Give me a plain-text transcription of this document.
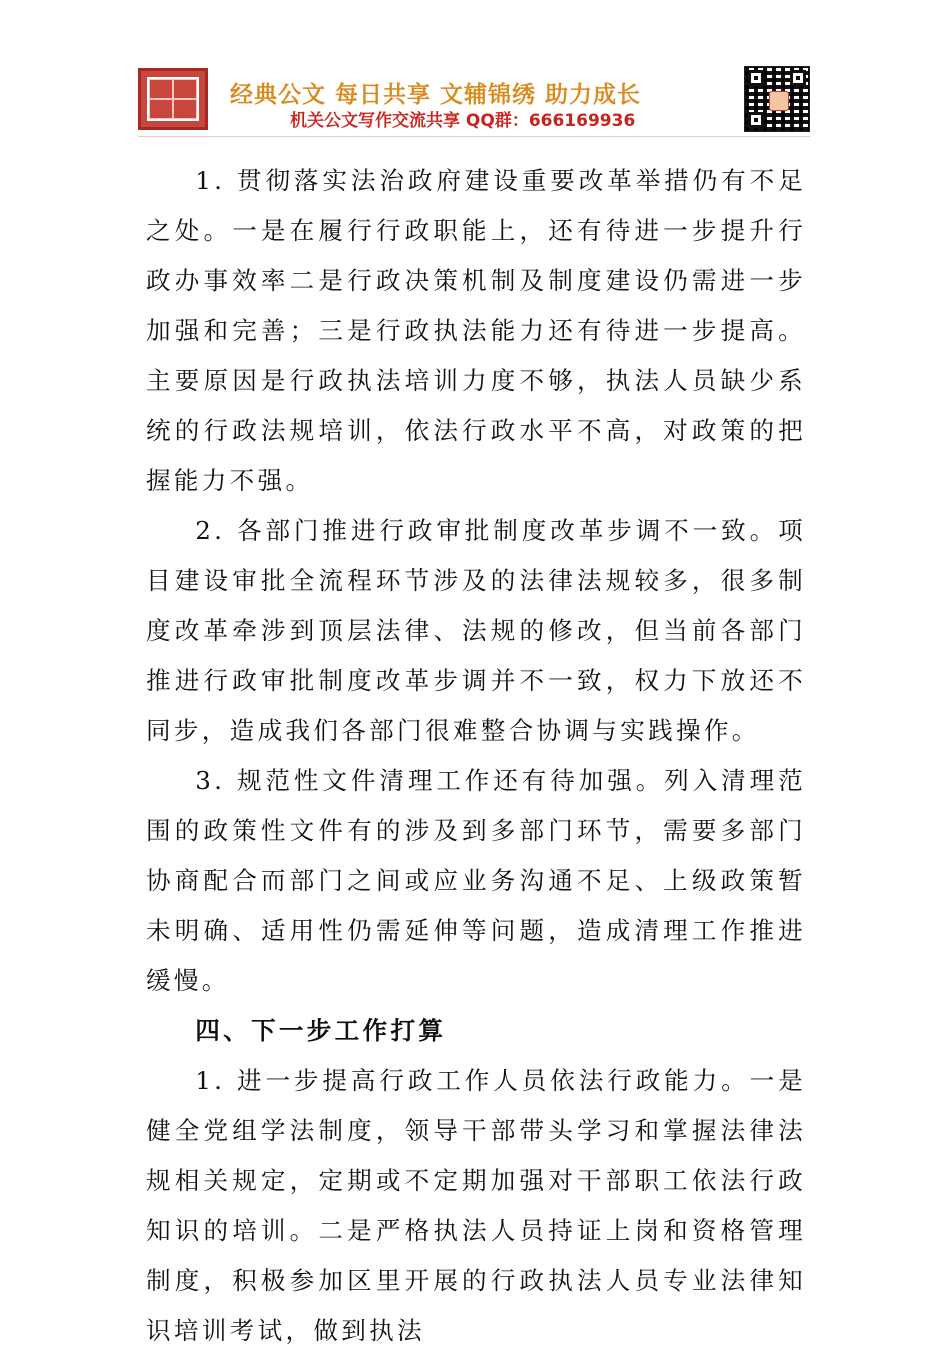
经典公文 每日共享 文辅锦绣 助力成长
机关公文写作交流共享 QQ群：666169936

1. 贯彻落实法治政府建设重要改革举措仍有不足之处。一是在履行行政职能上，还有待进一步提升行政办事效率二是行政决策机制及制度建设仍需进一步加强和完善；三是行政执法能力还有待进一步提高。主要原因是行政执法培训力度不够，执法人员缺少系统的行政法规培训，依法行政水平不高，对政策的把握能力不强。

2. 各部门推进行政审批制度改革步调不一致。项目建设审批全流程环节涉及的法律法规较多，很多制度改革牵涉到顶层法律、法规的修改，但当前各部门推进行政审批制度改革步调并不一致，权力下放还不同步，造成我们各部门很难整合协调与实践操作。

3. 规范性文件清理工作还有待加强。列入清理范围的政策性文件有的涉及到多部门环节，需要多部门协商配合而部门之间或应业务沟通不足、上级政策暂未明确、适用性仍需延伸等问题，造成清理工作推进缓慢。

四、下一步工作打算

1. 进一步提高行政工作人员依法行政能力。一是健全党组学法制度，领导干部带头学习和掌握法律法规相关规定，定期或不定期加强对干部职工依法行政知识的培训。二是严格执法人员持证上岗和资格管理制度，积极参加区里开展的行政执法人员专业法律知识培训考试，做到执法
